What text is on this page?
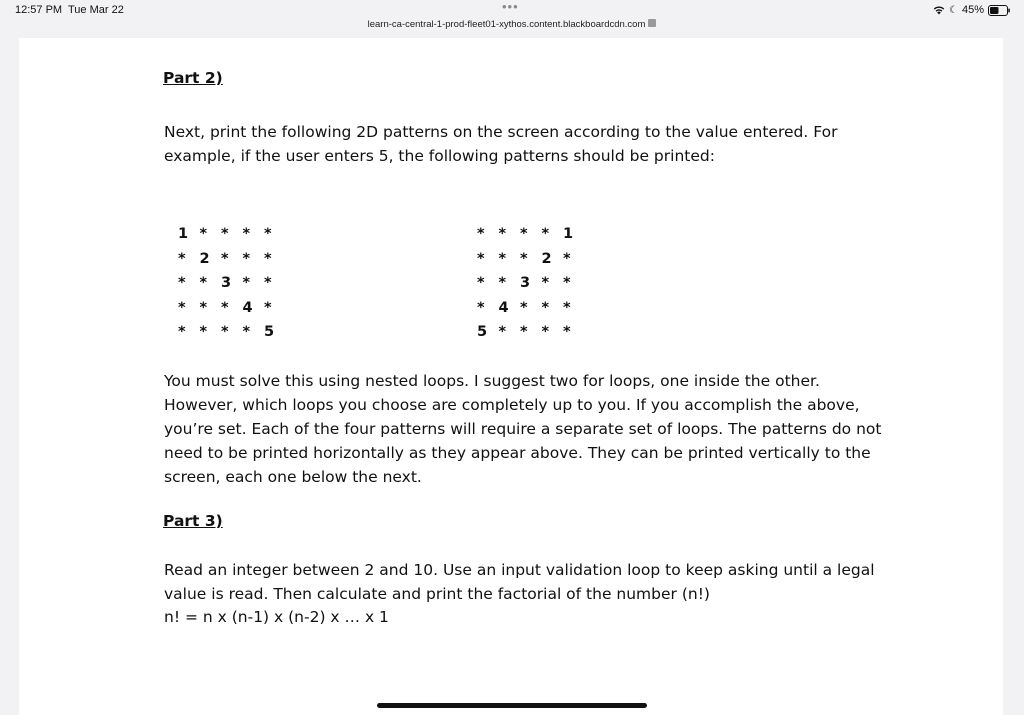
12:57 PM Tue Mar 22	•••
learn-ca-central-1-prod-fleet01-xythos.content.blackboardcdn.com
☾ 45%
Part 2)
Next, print the following 2D patterns on the screen according to the value entered. For example, if the user enters 5, the following patterns should be printed:
1 * * * *
* 2 * * *
* * 3 * *
* * * 4 *
* * * * 5
* * * * 1
* * * 2 *
* * 3 * *
* 4 * * *
5 * * * *
You must solve this using nested loops. I suggest two for loops, one inside the other. However, which loops you choose are completely up to you. If you accomplish the above, you’re set. Each of the four patterns will require a separate set of loops. The patterns do not need to be printed horizontally as they appear above. They can be printed vertically to the screen, each one below the next.
Part 3)
Read an integer between 2 and 10. Use an input validation loop to keep asking until a legal value is read. Then calculate and print the factorial of the number (n!)
n! = n x (n-1) x (n-2) x … x 1
